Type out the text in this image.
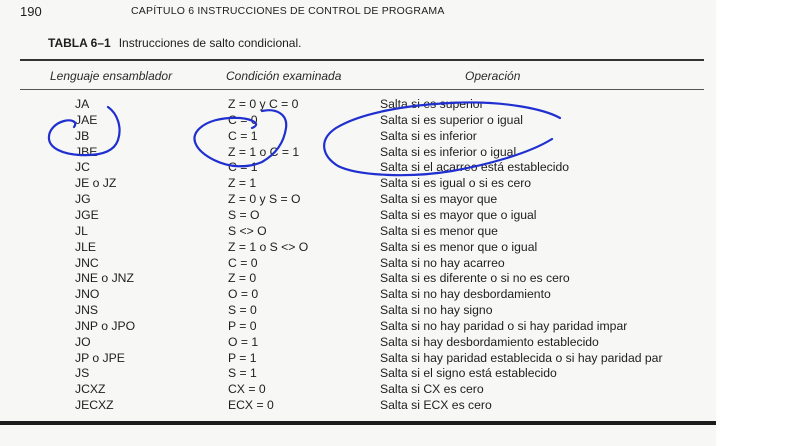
190	CAPÍTULO 6 INSTRUCCIONES DE CONTROL DE PROGRAMA
TABLA 6–1 Instrucciones de salto condicional.
Lenguaje ensamblador	Condición examinada	Operación
JA	Z = 0 y C = 0	Salta si es superior
JAE	C = 0	Salta si es superior o igual
JB	C = 1	Salta si es inferior
JBE	Z = 1 o C = 1	Salta si es inferior o igual
JC	C = 1	Salta si el acarreo está establecido
JE o JZ	Z = 1	Salta si es igual o si es cero
JG	Z = 0 y S = O	Salta si es mayor que
JGE	S = O	Salta si es mayor que o igual
JL	S <> O	Salta si es menor que
JLE	Z = 1 o S <> O	Salta si es menor que o igual
JNC	C = 0	Salta si no hay acarreo
JNE o JNZ	Z = 0	Salta si es diferente o si no es cero
JNO	O = 0	Salta si no hay desbordamiento
JNS	S = 0	Salta si no hay signo
JNP o JPO	P = 0	Salta si no hay paridad o si hay paridad impar
JO	O = 1	Salta si hay desbordamiento establecido
JP o JPE	P = 1	Salta si hay paridad establecida o si hay paridad par
JS	S = 1	Salta si el signo está establecido
JCXZ	CX = 0	Salta si CX es cero
JECXZ	ECX = 0	Salta si ECX es cero
